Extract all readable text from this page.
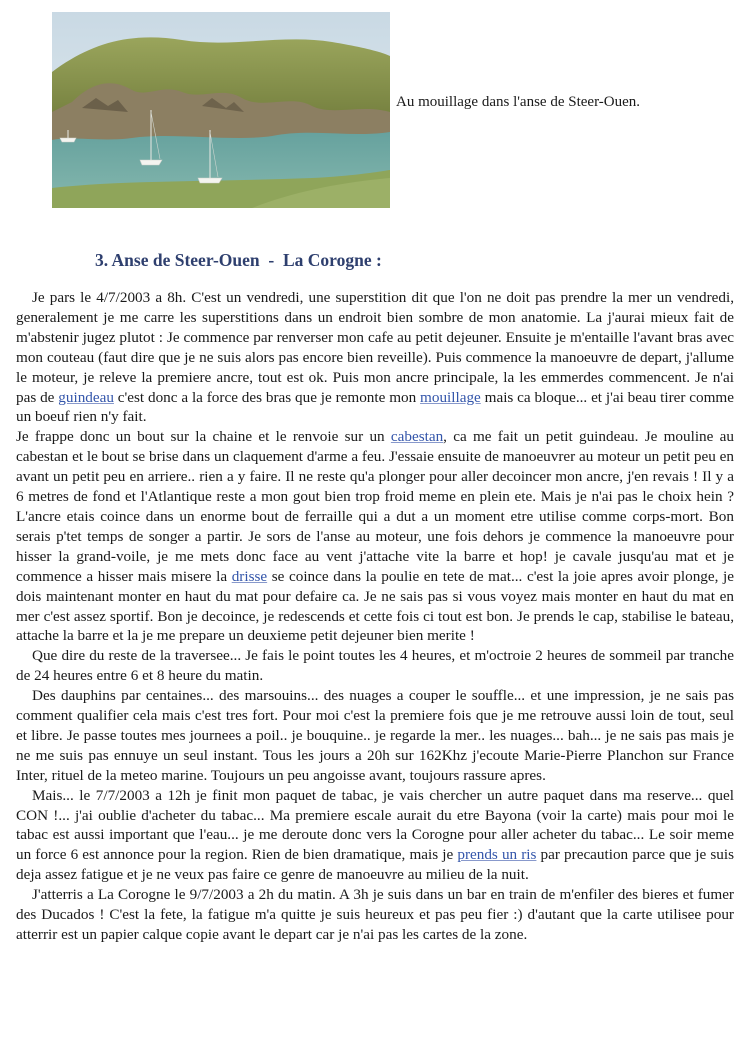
Au mouillage dans l'anse de Steer-Ouen.
3. Anse de Steer-Ouen  -  La Corogne :

Je pars le 4/7/2003 a 8h. C'est un vendredi, une superstition dit que l'on ne doit pas prendre la mer un vendredi, generalement je me carre les superstitions dans un endroit bien sombre de mon anatomie. La j'aurai mieux fait de m'abstenir jugez plutot : Je commence par renverser mon cafe au petit dejeuner. Ensuite je m'entaille l'avant bras avec mon couteau (faut dire que je ne suis alors pas encore bien reveille). Puis commence la manoeuvre de depart, j'allume le moteur, je releve la premiere ancre, tout est ok. Puis mon ancre principale, la les emmerdes commencent. Je n'ai pas de guindeau c'est donc a la force des bras que je remonte mon mouillage mais ca bloque... et j'ai beau tirer comme un boeuf rien n'y fait.

Je frappe donc un bout sur la chaine et le renvoie sur un cabestan, ca me fait un petit guindeau. Je mouline au cabestan et le bout se brise dans un claquement d'arme a feu. J'essaie ensuite de manoeuvrer au moteur un petit peu en avant un petit peu en arriere.. rien a y faire. Il ne reste qu'a plonger pour aller decoincer mon ancre, j'en revais ! Il y a 6 metres de fond et l'Atlantique reste a mon gout bien trop froid meme en plein ete. Mais je n'ai pas le choix hein ? L'ancre etais coince dans un enorme bout de ferraille qui a dut a un moment etre utilise comme corps-mort. Bon serais p'tet temps de songer a partir. Je sors de l'anse au moteur, une fois dehors je commence la manoeuvre pour hisser la grand-voile, je me mets donc face au vent j'attache vite la barre et hop! je cavale jusqu'au mat et je commence a hisser mais misere la drisse se coince dans la poulie en tete de mat... c'est la joie apres avoir plonge, je dois maintenant monter en haut du mat pour defaire ca. Je ne sais pas si vous voyez mais monter en haut du mat en mer c'est assez sportif. Bon je decoince, je redescends et cette fois ci tout est bon. Je prends le cap, stabilise le bateau, attache la barre et la je me prepare un deuxieme petit dejeuner bien merite !

Que dire du reste de la traversee... Je fais le point toutes les 4 heures, et m'octroie 2 heures de sommeil par tranche de 24 heures entre 6 et 8 heure du matin.

Des dauphins par centaines... des marsouins... des nuages a couper le souffle... et une impression, je ne sais pas comment qualifier cela mais c'est tres fort. Pour moi c'est la premiere fois que je me retrouve aussi loin de tout, seul et libre. Je passe toutes mes journees a poil.. je bouquine.. je regarde la mer.. les nuages... bah... je ne sais pas mais je ne me suis pas ennuye un seul instant. Tous les jours a 20h sur 162Khz j'ecoute Marie-Pierre Planchon sur France Inter, rituel de la meteo marine. Toujours un peu angoisse avant, toujours rassure apres.

Mais... le 7/7/2003 a 12h je finit mon paquet de tabac, je vais chercher un autre paquet dans ma reserve... quel CON !... j'ai oublie d'acheter du tabac... Ma premiere escale aurait du etre Bayona (voir la carte) mais pour moi le tabac est aussi important que l'eau... je me deroute donc vers la Corogne pour aller acheter du tabac... Le soir meme un force 6 est annonce pour la region. Rien de bien dramatique, mais je prends un ris par precaution parce que je suis deja assez fatigue et je ne veux pas faire ce genre de manoeuvre au milieu de la nuit.

J'atterris a La Corogne le 9/7/2003 a 2h du matin. A 3h je suis dans un bar en train de m'enfiler des bieres et fumer des Ducados ! C'est la fete, la fatigue m'a quitte je suis heureux et pas peu fier :) d'autant que la carte utilisee pour atterrir est un papier calque copie avant le depart car je n'ai pas les cartes de la zone.
